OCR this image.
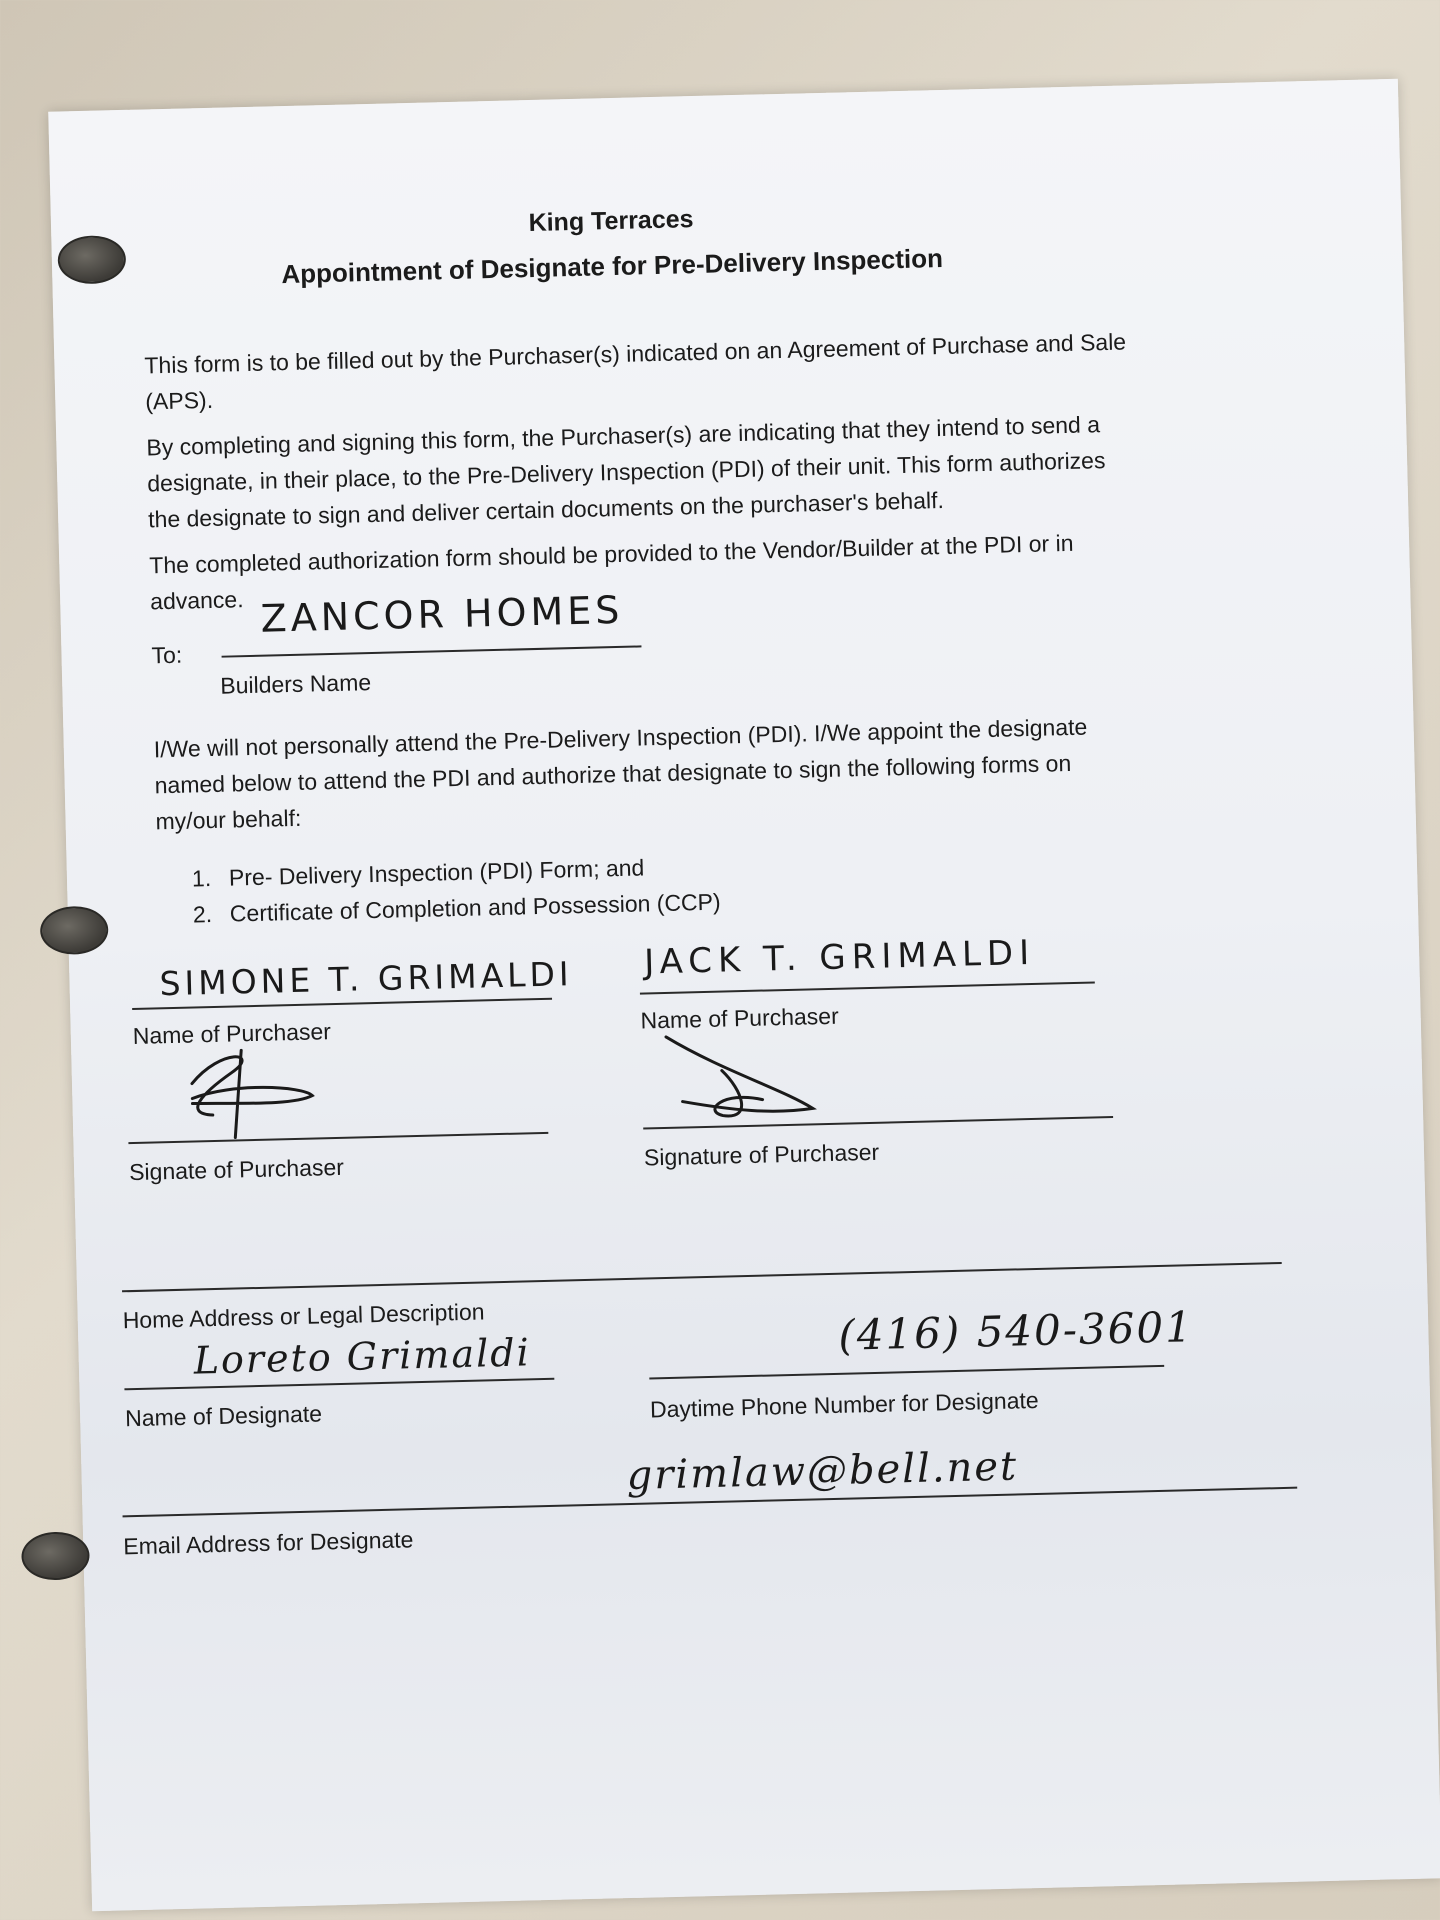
King Terraces
Appointment of Designate for Pre-Delivery Inspection
This form is to be filled out by the Purchaser(s) indicated on an Agreement of Purchase and Sale
(APS).
By completing and signing this form, the Purchaser(s) are indicating that they intend to send a
designate, in their place, to the Pre-Delivery Inspection (PDI) of their unit. This form authorizes
the designate to sign and deliver certain documents on the purchaser's behalf.
The completed authorization form should be provided to the Vendor/Builder at the PDI or in
advance.
To:
ZANCOR HOMES
Builders Name
I/We will not personally attend the Pre-Delivery Inspection (PDI). I/We appoint the designate
named below to attend the PDI and authorize that designate to sign the following forms on
my/our behalf:
1. Pre- Delivery Inspection (PDI) Form; and
2. Certificate of Completion and Possession (CCP)
SIMONE T. GRIMALDI
Name of Purchaser
Signate of Purchaser
JACK T. GRIMALDI
Name of Purchaser
Signature of Purchaser
Home Address or Legal Description
Loreto Grimaldi
Name of Designate
(416) 540-3601
Daytime Phone Number for Designate
grimlaw@bell.net
Email Address for Designate
